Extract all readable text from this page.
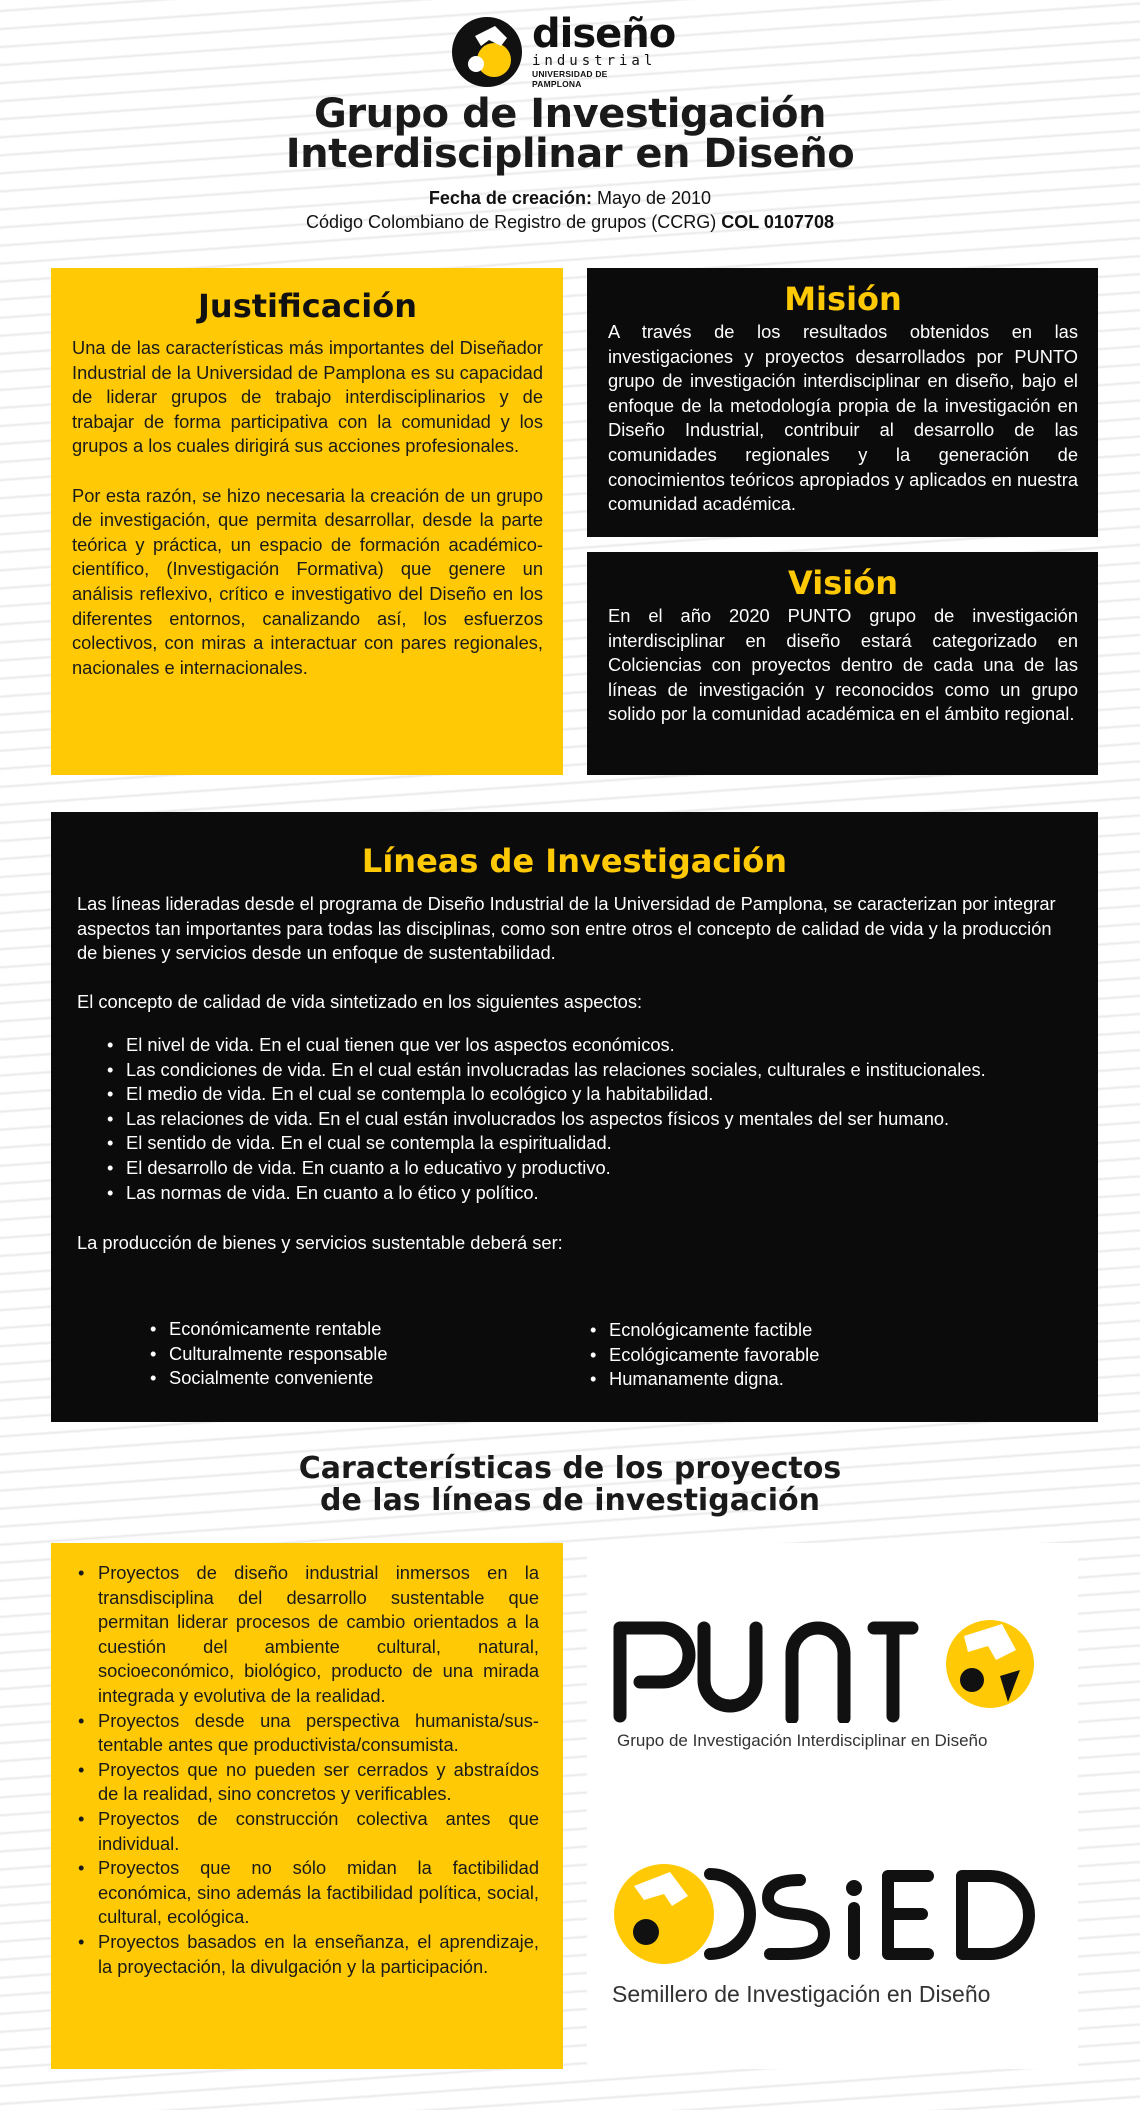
diseño
industrial
UNIVERSIDAD DE PAMPLONA
Grupo de Investigación
Interdisciplinar en Diseño
Fecha de creación: Mayo de 2010
Código Colombiano de Registro de grupos (CCRG) COL 0107708
Justificación
Una de las características más importantes del Diseñador Industrial de la Universidad de Pamplona es su capacidad de liderar grupos de trabajo interdisciplinarios y de trabajar de forma participativa con la comunidad y los grupos a los cuales dirigirá sus acciones profesionales.
Por esta razón, se hizo necesaria la creación de un grupo de investigación, que permita desarrollar, desde la parte teórica y práctica, un espacio de formación académico-científico, (Investigación Formativa) que genere un análisis reflexivo, crítico e investigativo del Diseño en los diferentes entornos, canalizando así, los esfuerzos colectivos, con miras a interactuar con pares regionales, nacionales e internacionales.
Misión
A través de los resultados obtenidos en las investigaciones y proyectos desarrollados por PUNTO grupo de investigación interdisciplinar en diseño, bajo el enfoque de la metodología propia de la investigación en Diseño Industrial, contribuir al desarrollo de las comunidades regionales y la generación de conocimientos teóricos apropiados y aplicados en nuestra comunidad académica.
Visión
En el año 2020 PUNTO grupo de investigación interdisciplinar en diseño estará categorizado en Colciencias con proyectos dentro de cada una de las líneas de investigación y reconocidos como un grupo solido por la comunidad académica en el ámbito regional.
Líneas de Investigación
Las líneas lideradas desde el programa de Diseño Industrial de la Universidad de Pamplona, se caracterizan por integrar aspectos tan importantes para todas las disciplinas, como son entre otros el concepto de calidad de vida y la producción de bienes y servicios desde un enfoque de sustentabilidad.
El concepto de calidad de vida sintetizado en los siguientes aspectos:
• El nivel de vida. En el cual tienen que ver los aspectos económicos.
• Las condiciones de vida. En el cual están involucradas las relaciones sociales, culturales e institucionales.
• El medio de vida. En el cual se contempla lo ecológico y la habitabilidad.
• Las relaciones de vida. En el cual están involucrados los aspectos físicos y mentales del ser humano.
• El sentido de vida. En el cual se contempla la espiritualidad.
• El desarrollo de vida. En cuanto a lo educativo y productivo.
• Las normas de vida. En cuanto a lo ético y político.
La producción de bienes y servicios sustentable deberá ser:
• Económicamente rentable
• Culturalmente responsable
• Socialmente conveniente
• Ecnológicamente factible
• Ecológicamente favorable
• Humanamente digna.
Características de los proyectos
de las líneas de investigación
• Proyectos de diseño industrial inmersos en la transdisciplina del desarrollo sustentable que permitan liderar procesos de cambio orientados a la cuestión del ambiente cultural, natural, socioeconómico, biológico, producto de una mirada integrada y evolutiva de la realidad.
• Proyectos desde una perspectiva humanista/sus-tentable antes que productivista/consumista.
• Proyectos que no pueden ser cerrados y abstraídos de la realidad, sino concretos y verificables.
• Proyectos de construcción colectiva antes que individual.
• Proyectos que no sólo midan la factibilidad económica, sino además la factibilidad política, social, cultural, ecológica.
• Proyectos basados en la enseñanza, el aprendizaje, la proyectación, la divulgación y la participación.
Grupo de Investigación Interdisciplinar en Diseño
Semillero de Investigación en Diseño
